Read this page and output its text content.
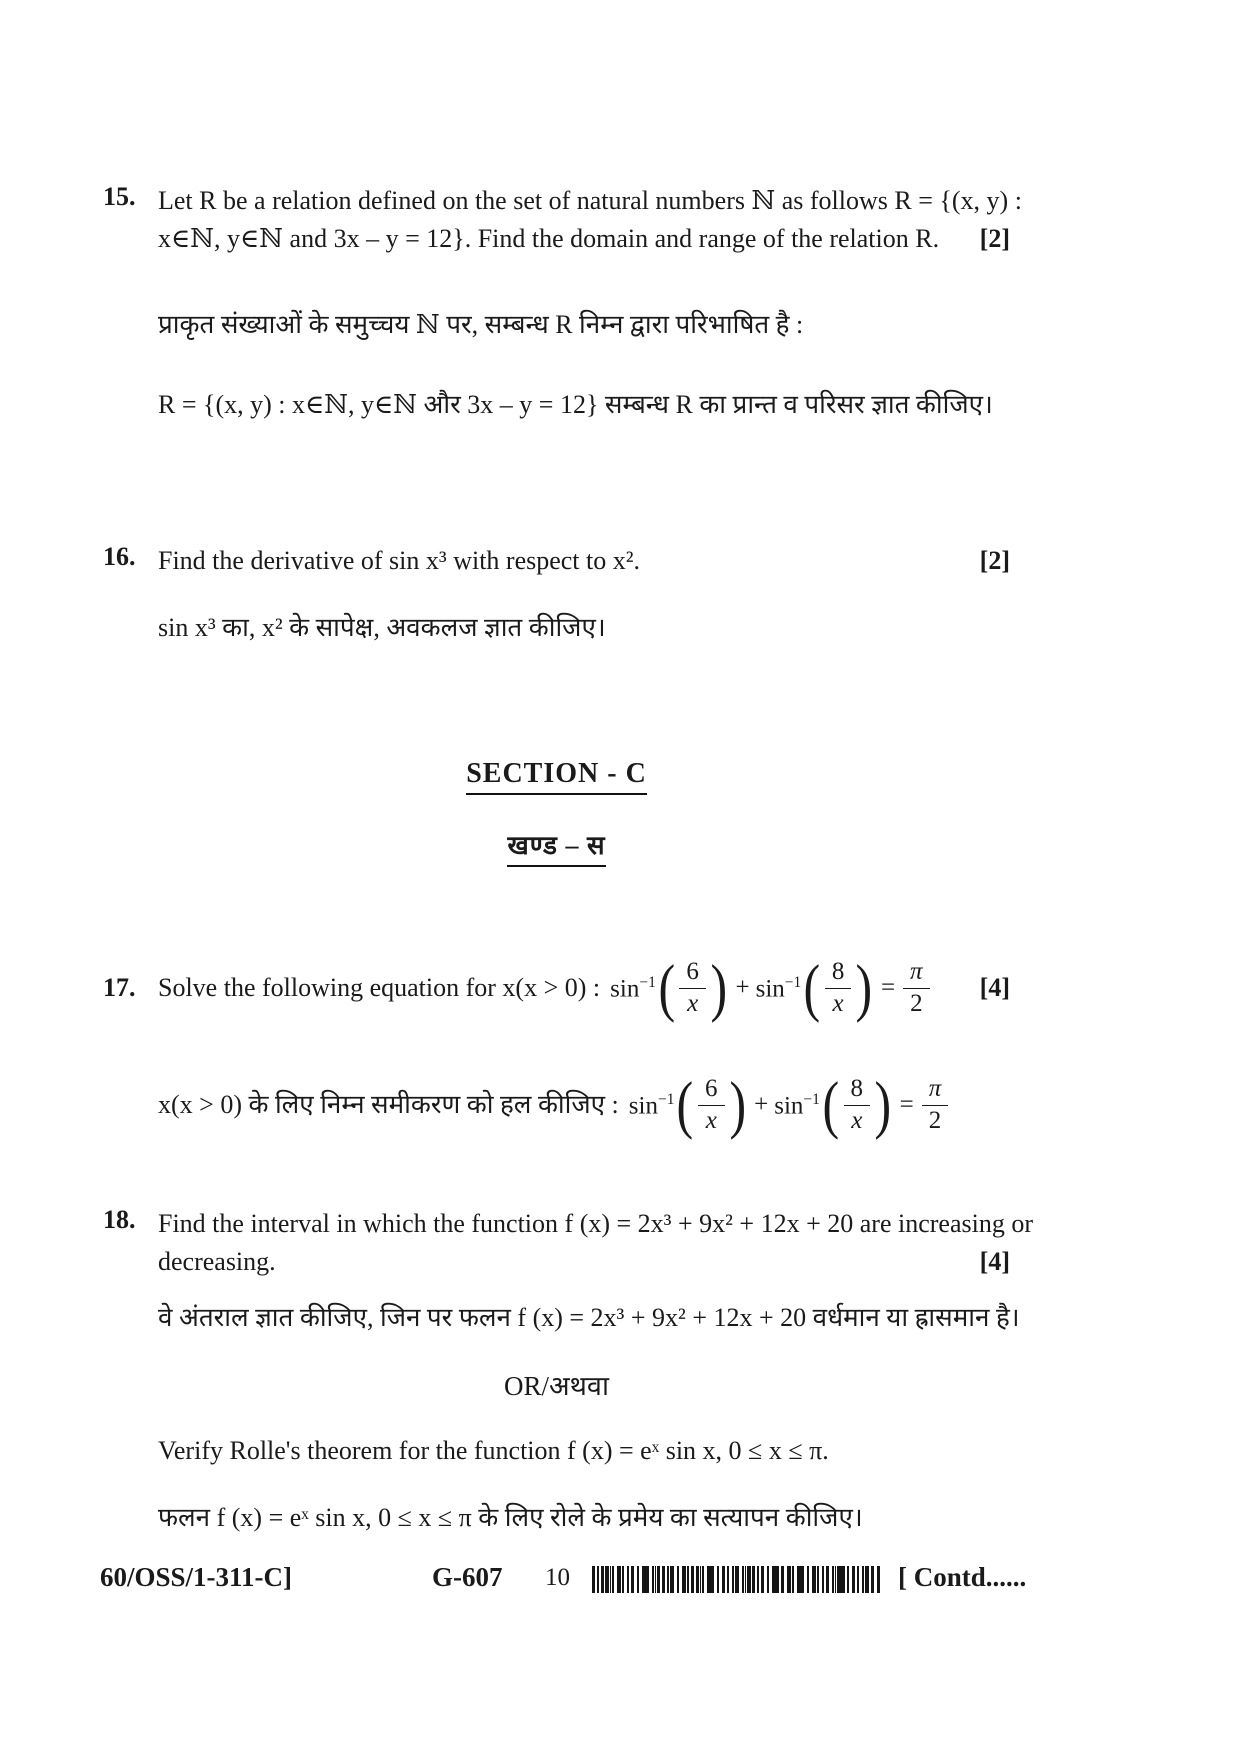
15. Let R be a relation defined on the set of natural numbers ℕ as follows R = {(x, y) :
x∈ℕ, y∈ℕ and 3x – y = 12}. Find the domain and range of the relation R. [2]
प्राकृत संख्याओं के समुच्चय ℕ पर, सम्बन्ध R निम्न द्वारा परिभाषित है :
R = {(x, y) : x∈ℕ, y∈ℕ और 3x – y = 12} सम्बन्ध R का प्रान्त व परिसर ज्ञात कीजिए।
16. Find the derivative of sin x³ with respect to x².	[2]
sin x³ का, x² के सापेक्ष, अवकलज ज्ञात कीजिए।
SECTION - C
खण्ड – स
17. Solve the following equation for x(x > 0) : $\sin^{-1}$ ( $\frac{6}{x}$ ) + $\sin^{-1}$ ( $\frac{8}{x}$ ) = $\frac{\pi}{2} [4]$
x(x > 0) के लिए निम्न समीकरण को हल कीजिए : $\sin^{-1}$ ( $\frac{6}{x}$ ) + $\sin^{-1}$ ( $\frac{8}{x}$ ) = $\frac{\pi}{2}$
18. Find the interval in which the function f (x) = 2x³ + 9x² + 12x + 20 are increasing or
decreasing.	[4]
वे अंतराल ज्ञात कीजिए, जिन पर फलन f (x) = 2x³ + 9x² + 12x + 20 वर्धमान या ह्रासमान है।
OR/अथवा
Verify Rolle's theorem for the function f (x) = eˣ sin x, 0 ≤ x ≤ π.
फलन f (x) = eˣ sin x, 0 ≤ x ≤ π के लिए रोले के प्रमेय का सत्यापन कीजिए।
60/OSS/1-311-C]	G-607 10	[ Contd......
